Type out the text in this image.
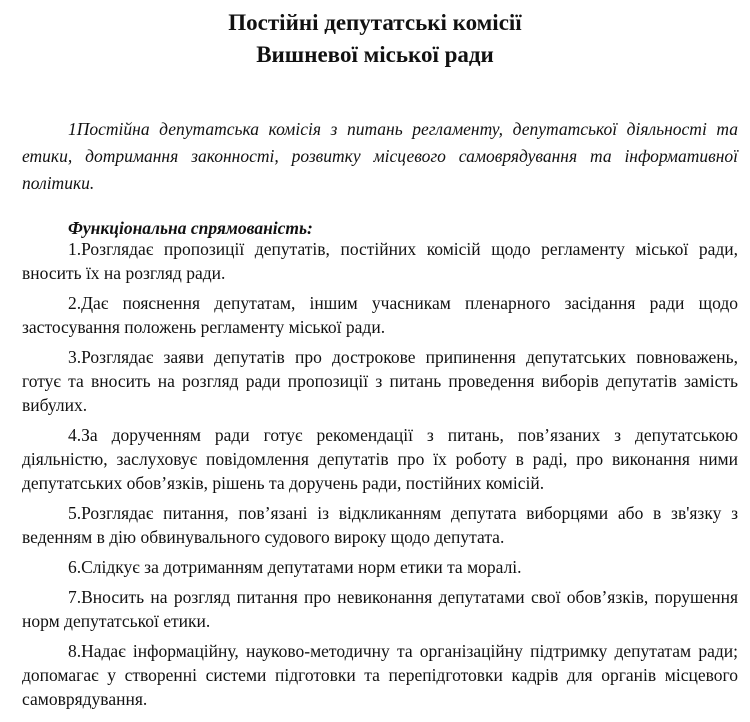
Постійні депутатські комісії
Вишневої міської ради

1Постійна депутатська комісія з питань регламенту, депутатської діяльності та етики, дотримання законності, розвитку місцевого самоврядування та інформативної політики.

Функціональна спрямованість:

1.Розглядає пропозиції депутатів, постійних комісій щодо регламенту міської ради, вносить їх на розгляд ради.
2.Дає пояснення депутатам, іншим учасникам пленарного засідання ради щодо застосування положень регламенту міської ради.
3.Розглядає заяви депутатів про дострокове припинення депутатських повноважень, готує та вносить на розгляд ради пропозиції з питань проведення виборів депутатів замість вибулих.
4.За дорученням ради готує рекомендації з питань, пов’язаних з депутатською діяльністю, заслуховує повідомлення депутатів про їх роботу в раді, про виконання ними депутатських обов’язків, рішень та доручень ради, постійних комісій.
5.Розглядає питання, пов’язані із відкликанням депутата виборцями або в зв'язку з веденням в дію обвинувального судового вироку щодо депутата.
6.Слідкує за дотриманням депутатами норм етики та моралі.
7.Вносить на розгляд питання про невиконання депутатами свої обов’язків, порушення норм депутатської етики.
8.Надає інформаційну, науково-методичну та організаційну підтримку депутатам ради; допомагає у створенні системи підготовки та перепідготовки кадрів для органів місцевого самоврядування.
